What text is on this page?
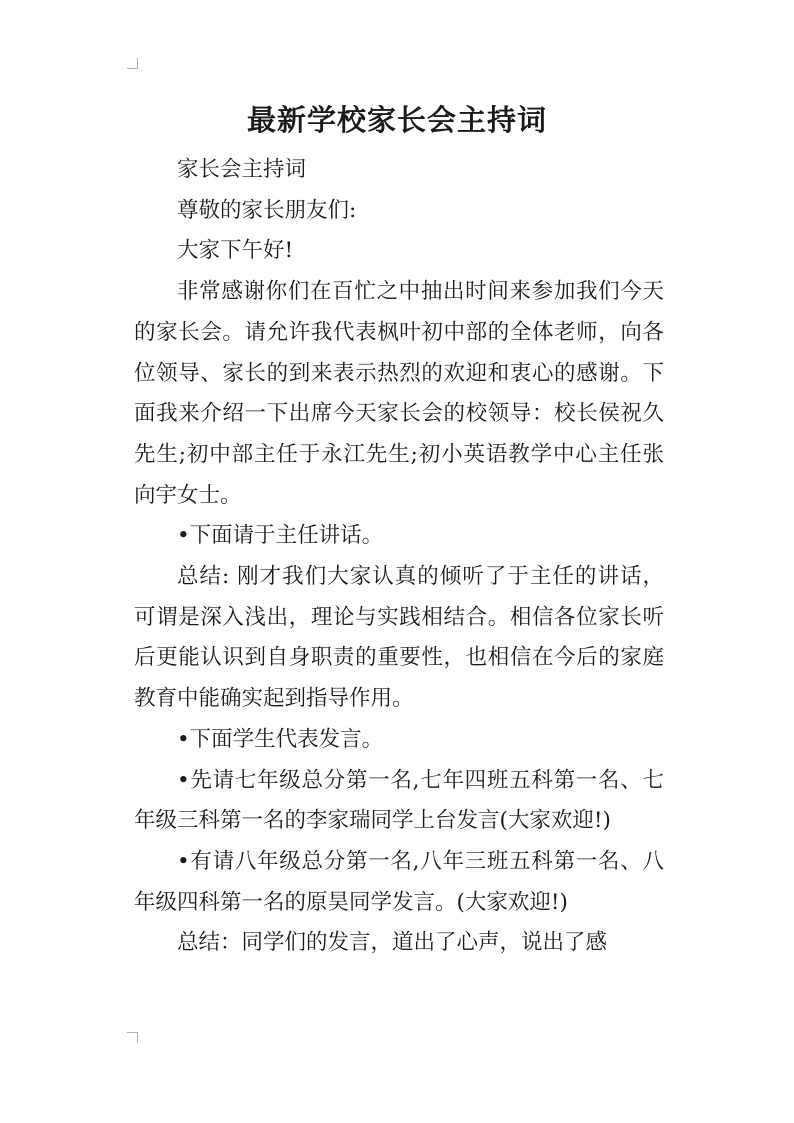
最新学校家长会主持词

家长会主持词

尊敬的家长朋友们:

大家下午好!

非常感谢你们在百忙之中抽出时间来参加我们今天的家长会。请允许我代表枫叶初中部的全体老师，向各位领导、家长的到来表示热烈的欢迎和衷心的感谢。下面我来介绍一下出席今天家长会的校领导：校长侯祝久先生;初中部主任于永江先生;初小英语教学中心主任张向宇女士。

•下面请于主任讲话。

总结: 刚才我们大家认真的倾听了于主任的讲话，可谓是深入浅出，理论与实践相结合。相信各位家长听后更能认识到自身职责的重要性，也相信在今后的家庭教育中能确实起到指导作用。

•下面学生代表发言。

•先请七年级总分第一名,七年四班五科第一名、七年级三科第一名的李家瑞同学上台发言(大家欢迎!)

•有请八年级总分第一名,八年三班五科第一名、八年级四科第一名的原昊同学发言。(大家欢迎!)

总结：同学们的发言，道出了心声，说出了感
